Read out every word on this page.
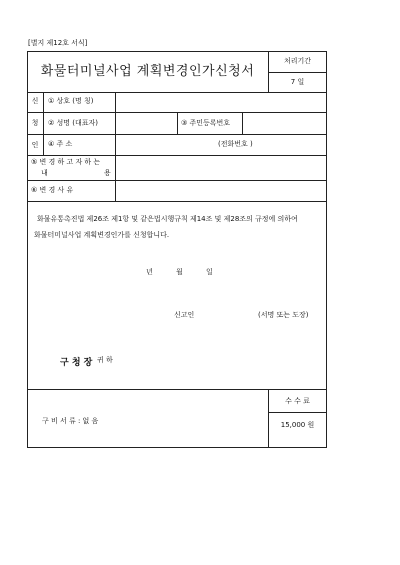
[별지 제12호 서식]
화물터미널사업 계획변경인가신청서
처리기간
7 일
신
청
인
① 상호 (명 칭)
② 성명 (대표자)	③ 주민등록번호
④ 주 소	(전화번호 )
⑤ 변 경 하 고 자 하 는
내	용
⑥ 변 경 사 유
화물유통촉진법 제26조 제1항 및 같은법시행규칙 제14조 및 제28조의 규정에 의하여
화물터미널사업 계획변경인가를 신청합니다.
년	월	일
신고인	(서명 또는 도장)
구 청 장 귀 하
구 비 서 류 : 없 음
수 수 료
15,000 원
